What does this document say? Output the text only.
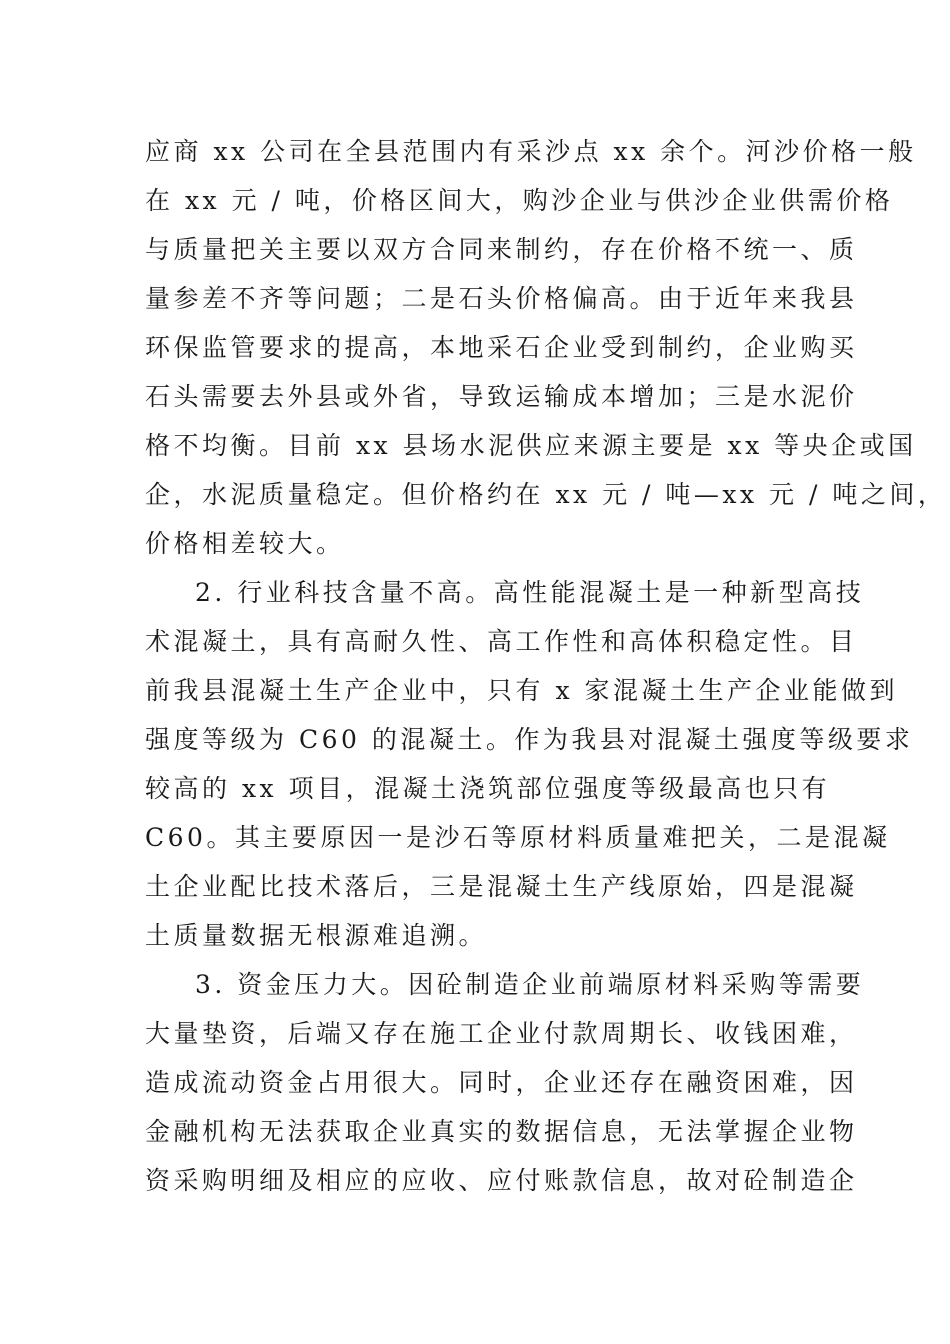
应商 xx 公司在全县范围内有采沙点 xx 余个。河沙价格一般
在 xx 元 / 吨，价格区间大，购沙企业与供沙企业供需价格
与质量把关主要以双方合同来制约，存在价格不统一、质
量参差不齐等问题；二是石头价格偏高。由于近年来我县
环保监管要求的提高，本地采石企业受到制约，企业购买
石头需要去外县或外省，导致运输成本增加；三是水泥价
格不均衡。目前 xx 县场水泥供应来源主要是 xx 等央企或国
企，水泥质量稳定。但价格约在 xx 元 / 吨—xx 元 / 吨之间，
价格相差较大。
2. 行业科技含量不高。高性能混凝土是一种新型高技
术混凝土，具有高耐久性、高工作性和高体积稳定性。目
前我县混凝土生产企业中，只有 x 家混凝土生产企业能做到
强度等级为 C60 的混凝土。作为我县对混凝土强度等级要求
较高的 xx 项目，混凝土浇筑部位强度等级最高也只有
C60。其主要原因一是沙石等原材料质量难把关，二是混凝
土企业配比技术落后，三是混凝土生产线原始，四是混凝
土质量数据无根源难追溯。
3. 资金压力大。因砼制造企业前端原材料采购等需要
大量垫资，后端又存在施工企业付款周期长、收钱困难，
造成流动资金占用很大。同时，企业还存在融资困难，因
金融机构无法获取企业真实的数据信息，无法掌握企业物
资采购明细及相应的应收、应付账款信息，故对砼制造企
